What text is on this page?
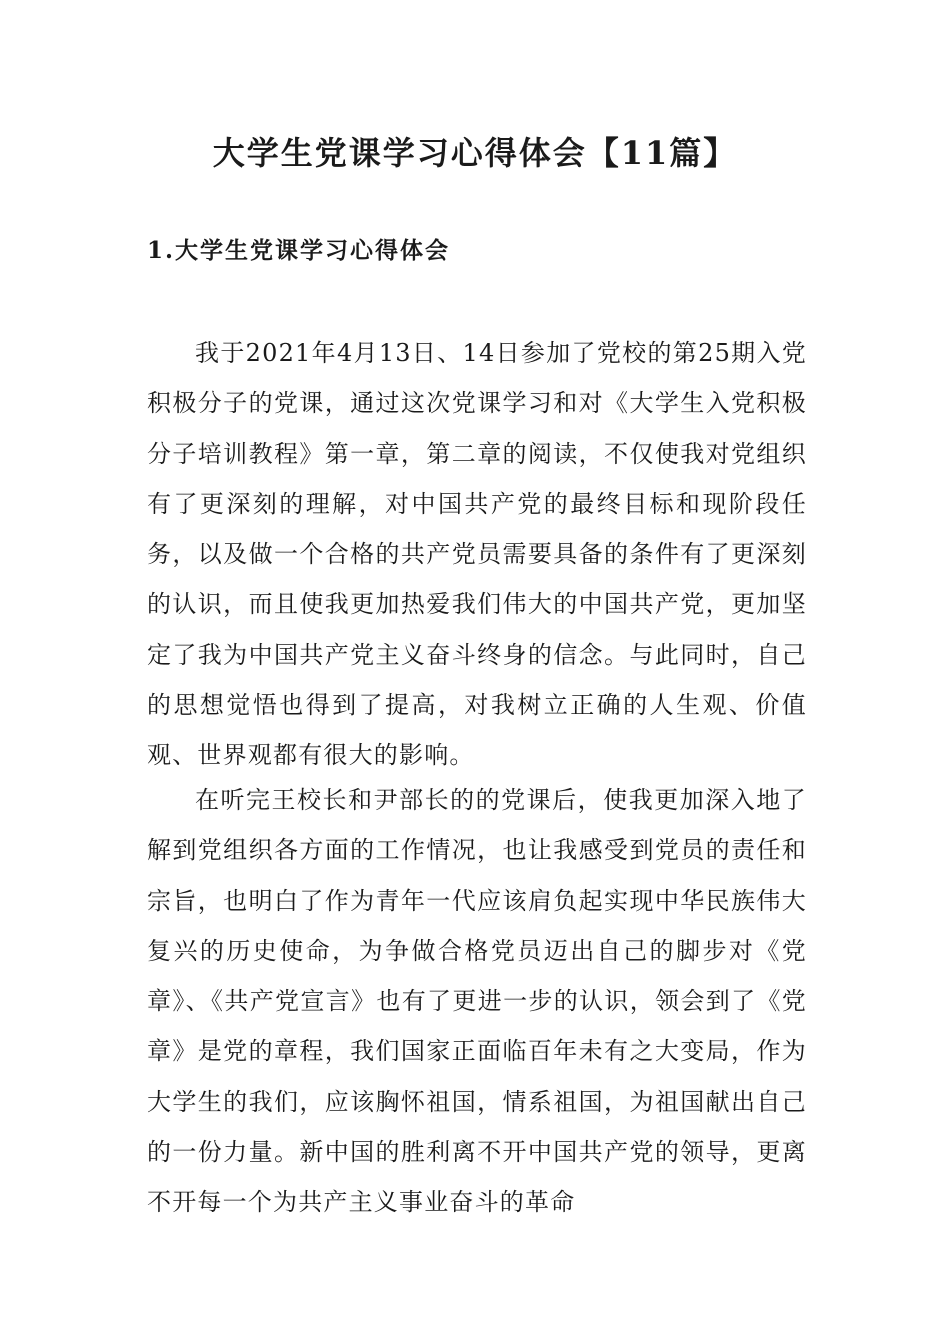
大学生党课学习心得体会【11篇】
1.大学生党课学习心得体会

我于2021年4月13日、14日参加了党校的第25期入党积极分子的党课，通过这次党课学习和对《大学生入党积极分子培训教程》第一章，第二章的阅读，不仅使我对党组织有了更深刻的理解，对中国共产党的最终目标和现阶段任务，以及做一个合格的共产党员需要具备的条件有了更深刻的认识，而且使我更加热爱我们伟大的中国共产党，更加坚定了我为中国共产党主义奋斗终身的信念。与此同时，自己的思想觉悟也得到了提高，对我树立正确的人生观、价值观、世界观都有很大的影响。

在听完王校长和尹部长的的党课后，使我更加深入地了解到党组织各方面的工作情况，也让我感受到党员的责任和宗旨，也明白了作为青年一代应该肩负起实现中华民族伟大复兴的历史使命，为争做合格党员迈出自己的脚步对《党章》、《共产党宣言》也有了更进一步的认识，领会到了《党章》是党的章程，我们国家正面临百年未有之大变局，作为大学生的我们，应该胸怀祖国，情系祖国，为祖国献出自己的一份力量。新中国的胜利离不开中国共产党的领导，更离不开每一个为共产主义事业奋斗的革命
